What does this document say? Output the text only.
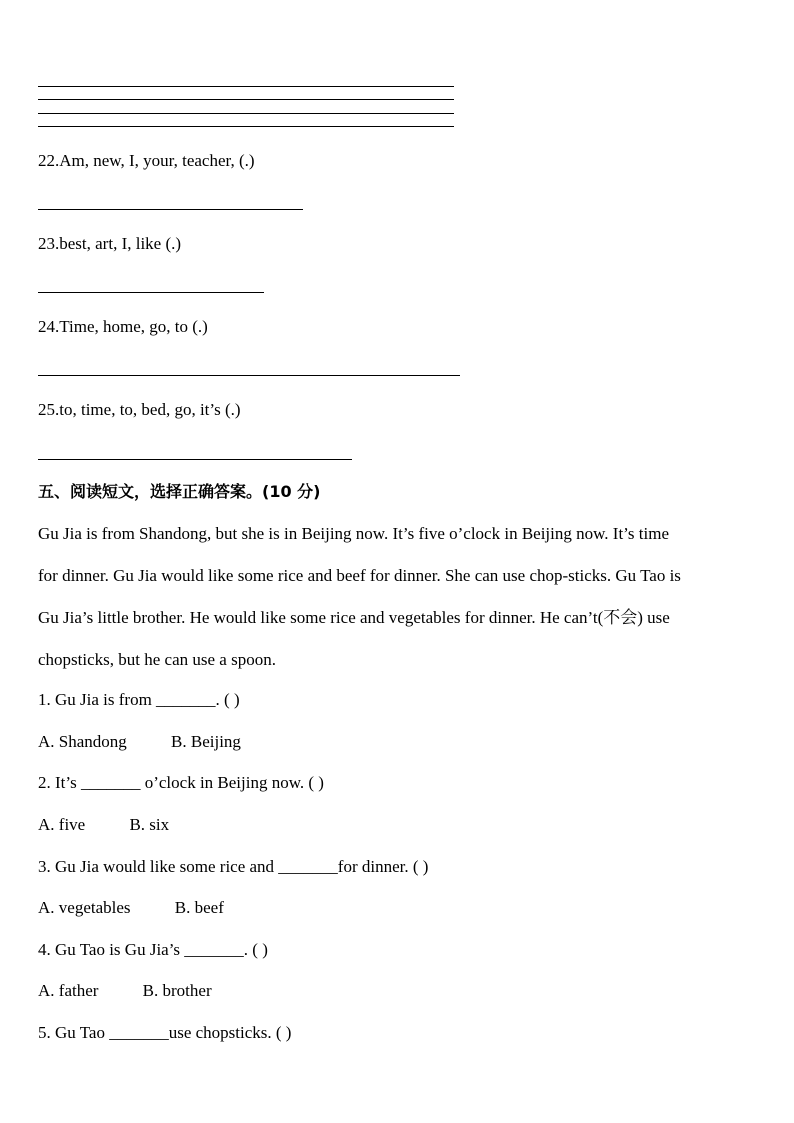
22.Am, new, I, your, teacher, (.)
23.best, art, I, like (.)
24.Time, home, go, to (.)
25.to, time, to, bed, go, it’s (.)
五、阅读短文，选择正确答案。(10 分)
Gu Jia is from Shandong, but she is in Beijing now. It’s five o’clock in Beijing now. It’s time
for dinner. Gu Jia would like some rice and beef for dinner. She can use chop-sticks. Gu Tao is
Gu Jia’s little brother. He would like some rice and vegetables for dinner. He can’t(不会) use
chopsticks, but he can use a spoon.
1. Gu Jia is from _______. ( )
A. Shandong	B. Beijing
2. It’s _______ o’clock in Beijing now. ( )
A. five	B. six
3. Gu Jia would like some rice and _______for dinner. ( )
A. vegetables	B. beef
4. Gu Tao is Gu Jia’s _______. ( )
A. father	B. brother
5. Gu Tao _______use chopsticks. ( )
